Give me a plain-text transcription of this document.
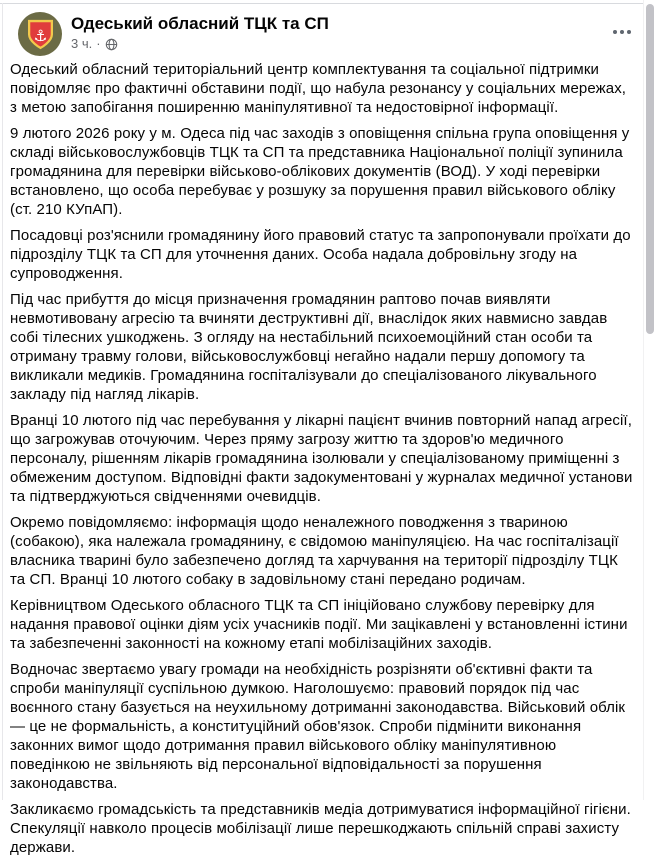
⚓
Одеський обласний ТЦК та СП
3 ч. ·

Одеський обласний територіальний центр комплектування та соціальної підтримки повідомляє про фактичні обставини події, що набула резонансу у соціальних мережах, з метою запобігання поширенню маніпулятивної та недостовірної інформації.

9 лютого 2026 року у м. Одеса під час заходів з оповіщення спільна група оповіщення у складі військовослужбовців ТЦК та СП та представника Національної поліції зупинила громадянина для перевірки військово-облікових документів (ВОД). У ході перевірки встановлено, що особа перебуває у розшуку за порушення правил військового обліку (ст. 210 КУпАП).

Посадовці роз'яснили громадянину його правовий статус та запропонували проїхати до підрозділу ТЦК та СП для уточнення даних. Особа надала добровільну згоду на супроводження.

Під час прибуття до місця призначення громадянин раптово почав виявляти невмотивовану агресію та вчиняти деструктивні дії, внаслідок яких навмисно завдав собі тілесних ушкоджень. З огляду на нестабільний психоемоційний стан особи та отриману травму голови, військовослужбовці негайно надали першу допомогу та викликали медиків. Громадянина госпіталізували до спеціалізованого лікувального закладу під нагляд лікарів.

Вранці 10 лютого під час перебування у лікарні пацієнт вчинив повторний напад агресії, що загрожував оточуючим. Через пряму загрозу життю та здоров'ю медичного персоналу, рішенням лікарів громадянина ізолювали у спеціалізованому приміщенні з обмеженим доступом. Відповідні факти задокументовані у журналах медичної установи та підтверджуються свідченнями очевидців.

Окремо повідомляємо: інформація щодо неналежного поводження з твариною (собакою), яка належала громадянину, є свідомою маніпуляцією. На час госпіталізації власника тварині було забезпечено догляд та харчування на території підрозділу ТЦК та СП. Вранці 10 лютого собаку в задовільному стані передано родичам.

Керівництвом Одеського обласного ТЦК та СП ініційовано службову перевірку для надання правової оцінки діям усіх учасників події. Ми зацікавлені у встановленні істини та забезпеченні законності на кожному етапі мобілізаційних заходів.

Водночас звертаємо увагу громади на необхідність розрізняти об'єктивні факти та спроби маніпуляції суспільною думкою. Наголошуємо: правовий порядок під час воєнного стану базується на неухильному дотриманні законодавства. Військовий облік — це не формальність, а конституційний обов'язок. Спроби підмінити виконання законних вимог щодо дотримання правил військового обліку маніпулятивною поведінкою не звільняють від персональної відповідальності за порушення законодавства.

Закликаємо громадськість та представників медіа дотримуватися інформаційної гігієни. Спекуляції навколо процесів мобілізації лише перешкоджають спільній справі захисту держави.
